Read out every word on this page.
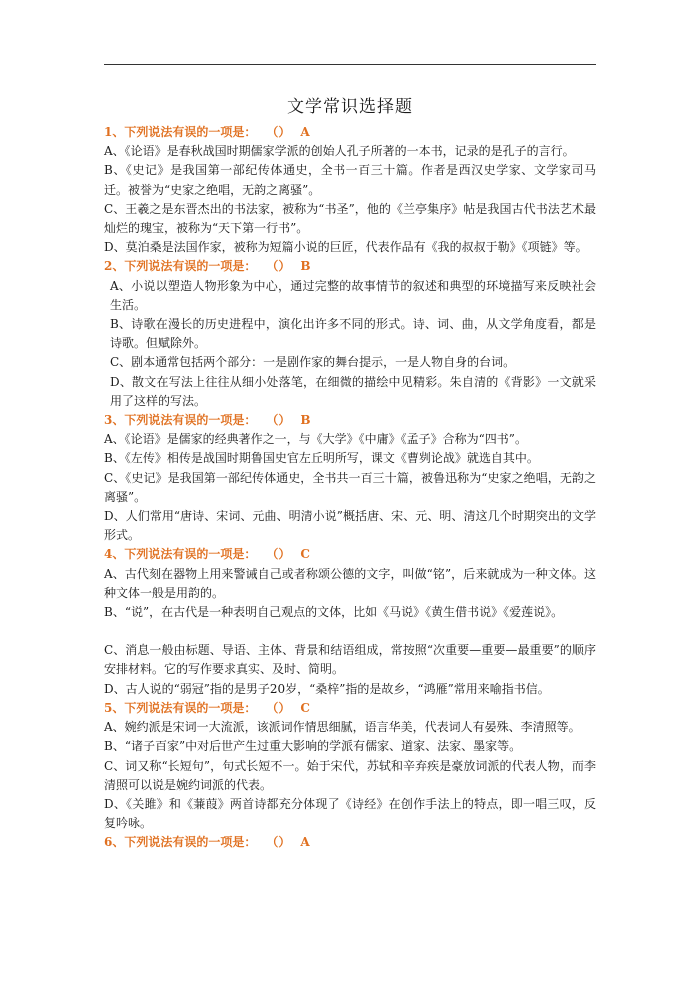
文学常识选择题
1、下列说法有误的一项是： （） A
A、《论语》是春秋战国时期儒家学派的创始人孔子所著的一本书，记录的是孔子的言行。
B、《史记》是我国第一部纪传体通史，全书一百三十篇。作者是西汉史学家、文学家司马迁。被誉为“史家之绝唱，无韵之离骚”。
C、王羲之是东晋杰出的书法家，被称为“书圣”，他的《兰亭集序》帖是我国古代书法艺术最灿烂的瑰宝，被称为“天下第一行书”。
D、莫泊桑是法国作家，被称为短篇小说的巨匠，代表作品有《我的叔叔于勒》《项链》等。
2、下列说法有误的一项是： （） B
A、小说以塑造人物形象为中心，通过完整的故事情节的叙述和典型的环境描写来反映社会生活。
B、诗歌在漫长的历史进程中，演化出许多不同的形式。诗、词、曲，从文学角度看，都是诗歌。但赋除外。
C、剧本通常包括两个部分：一是剧作家的舞台提示，一是人物自身的台词。
D、散文在写法上往往从细小处落笔，在细微的描绘中见精彩。朱自清的《背影》一文就采用了这样的写法。
3、下列说法有误的一项是： （） B
A、《论语》是儒家的经典著作之一，与《大学》《中庸》《孟子》合称为“四书”。
B、《左传》相传是战国时期鲁国史官左丘明所写，课文《曹刿论战》就选自其中。
C、《史记》是我国第一部纪传体通史，全书共一百三十篇，被鲁迅称为“史家之绝唱，无韵之离骚”。
D、人们常用“唐诗、宋词、元曲、明清小说”概括唐、宋、元、明、清这几个时期突出的文学形式。
4、下列说法有误的一项是： （） C
A、古代刻在器物上用来警诫自己或者称颂公德的文字，叫做“铭”，后来就成为一种文体。这种文体一般是用韵的。
B、“说”，在古代是一种表明自己观点的文体，比如《马说》《黄生借书说》《爱莲说》。
C、消息一般由标题、导语、主体、背景和结语组成，常按照“次重要—重要—最重要”的顺序安排材料。它的写作要求真实、及时、简明。
D、古人说的“弱冠”指的是男子20岁，“桑梓”指的是故乡，“鸿雁”常用来喻指书信。
5、下列说法有误的一项是： （） C
A、婉约派是宋词一大流派，该派词作情思细腻，语言华美，代表词人有晏殊、李清照等。
B、“诸子百家”中对后世产生过重大影响的学派有儒家、道家、法家、墨家等。
C、词又称“长短句”，句式长短不一。始于宋代，苏轼和辛弃疾是豪放词派的代表人物，而李清照可以说是婉约词派的代表。
D、《关雎》和《蒹葭》两首诗都充分体现了《诗经》在创作手法上的特点，即一唱三叹，反复吟咏。
6、下列说法有误的一项是： （） A
